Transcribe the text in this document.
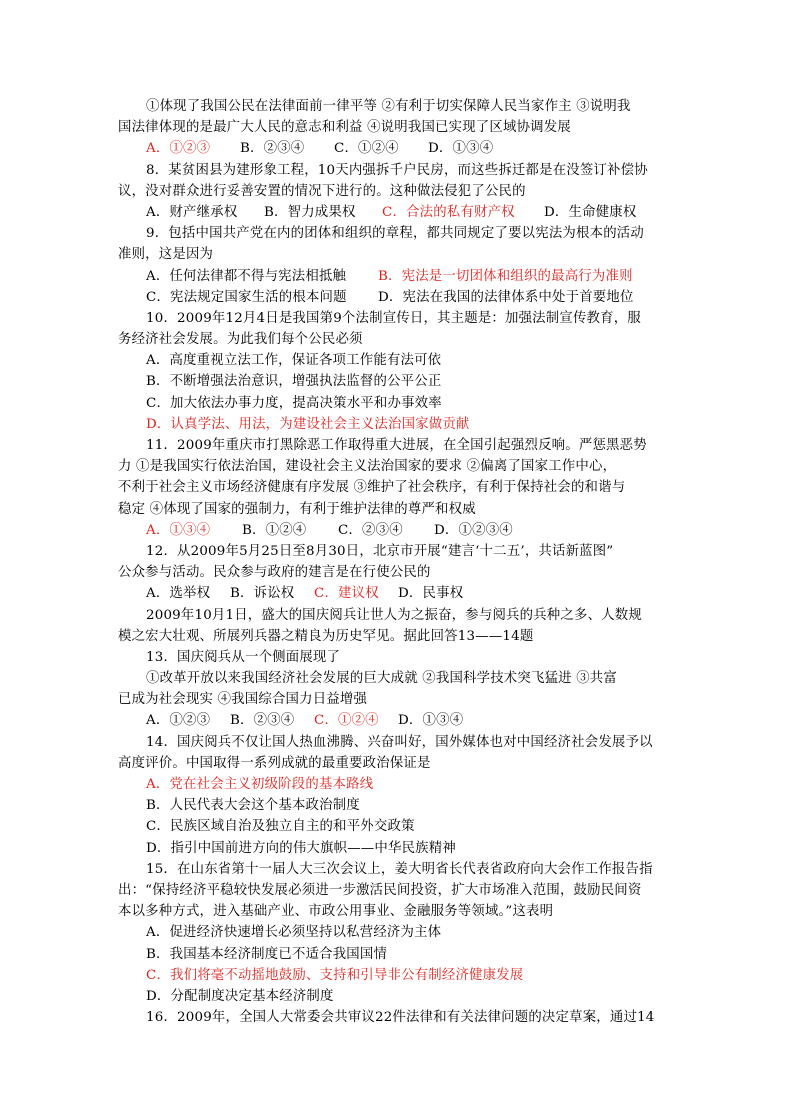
①体现了我国公民在法律面前一律平等 ②有利于切实保障人民当家作主 ③说明我
国法律体现的是最广大人民的意志和利益 ④说明我国已实现了区域协调发展
A．①②③ B．②③④ C．①②④ D．①③④
8．某贫困县为建形象工程，10天内强拆千户民房，而这些拆迁都是在没签订补偿协
议，没对群众进行妥善安置的情况下进行的。这种做法侵犯了公民的
A．财产继承权 B．智力成果权 C．合法的私有财产权 D．生命健康权
9．包括中国共产党在内的团体和组织的章程，都共同规定了要以宪法为根本的活动
准则，这是因为
A．任何法律都不得与宪法相抵触 B．宪法是一切团体和组织的最高行为准则
C．宪法规定国家生活的根本问题 D．宪法在我国的法律体系中处于首要地位
10．2009年12月4日是我国第9个法制宣传日，其主题是：加强法制宣传教育，服
务经济社会发展。为此我们每个公民必须
A．高度重视立法工作，保证各项工作能有法可依
B．不断增强法治意识，增强执法监督的公平公正
C．加大依法办事力度，提高决策水平和办事效率
D．认真学法、用法，为建设社会主义法治国家做贡献
11．2009年重庆市打黑除恶工作取得重大进展，在全国引起强烈反响。严惩黑恶势
力 ①是我国实行依法治国，建设社会主义法治国家的要求 ②偏离了国家工作中心，
不利于社会主义市场经济健康有序发展 ③维护了社会秩序，有利于保持社会的和谐与
稳定 ④体现了国家的强制力，有利于维护法律的尊严和权威
A．①③④ B．①②④ C．②③④ D．①②③④
12．从2009年5月25日至8月30日，北京市开展“建言‘十二五’，共话新蓝图”
公众参与活动。民众参与政府的建言是在行使公民的
A．选举权 B．诉讼权 C．建议权 D．民事权
2009年10月1日，盛大的国庆阅兵让世人为之振奋，参与阅兵的兵种之多、人数规
模之宏大壮观、所展列兵器之精良为历史罕见。据此回答13——14题
13．国庆阅兵从一个侧面展现了
①改革开放以来我国经济社会发展的巨大成就 ②我国科学技术突飞猛进 ③共富
已成为社会现实 ④我国综合国力日益增强
A．①②③ B．②③④ C．①②④ D．①③④
14．国庆阅兵不仅让国人热血沸腾、兴奋叫好，国外媒体也对中国经济社会发展予以
高度评价。中国取得一系列成就的最重要政治保证是
A．党在社会主义初级阶段的基本路线
B．人民代表大会这个基本政治制度
C．民族区域自治及独立自主的和平外交政策
D．指引中国前进方向的伟大旗帜——中华民族精神
15．在山东省第十一届人大三次会议上，姜大明省长代表省政府向大会作工作报告指
出：“保持经济平稳较快发展必须进一步激活民间投资，扩大市场准入范围，鼓励民间资
本以多种方式，进入基础产业、市政公用事业、金融服务等领域。”这表明
A．促进经济快速增长必须坚持以私营经济为主体
B．我国基本经济制度已不适合我国国情
C．我们将毫不动摇地鼓励、支持和引导非公有制经济健康发展
D．分配制度决定基本经济制度
16．2009年，全国人大常委会共审议22件法律和有关法律问题的决定草案，通过14
